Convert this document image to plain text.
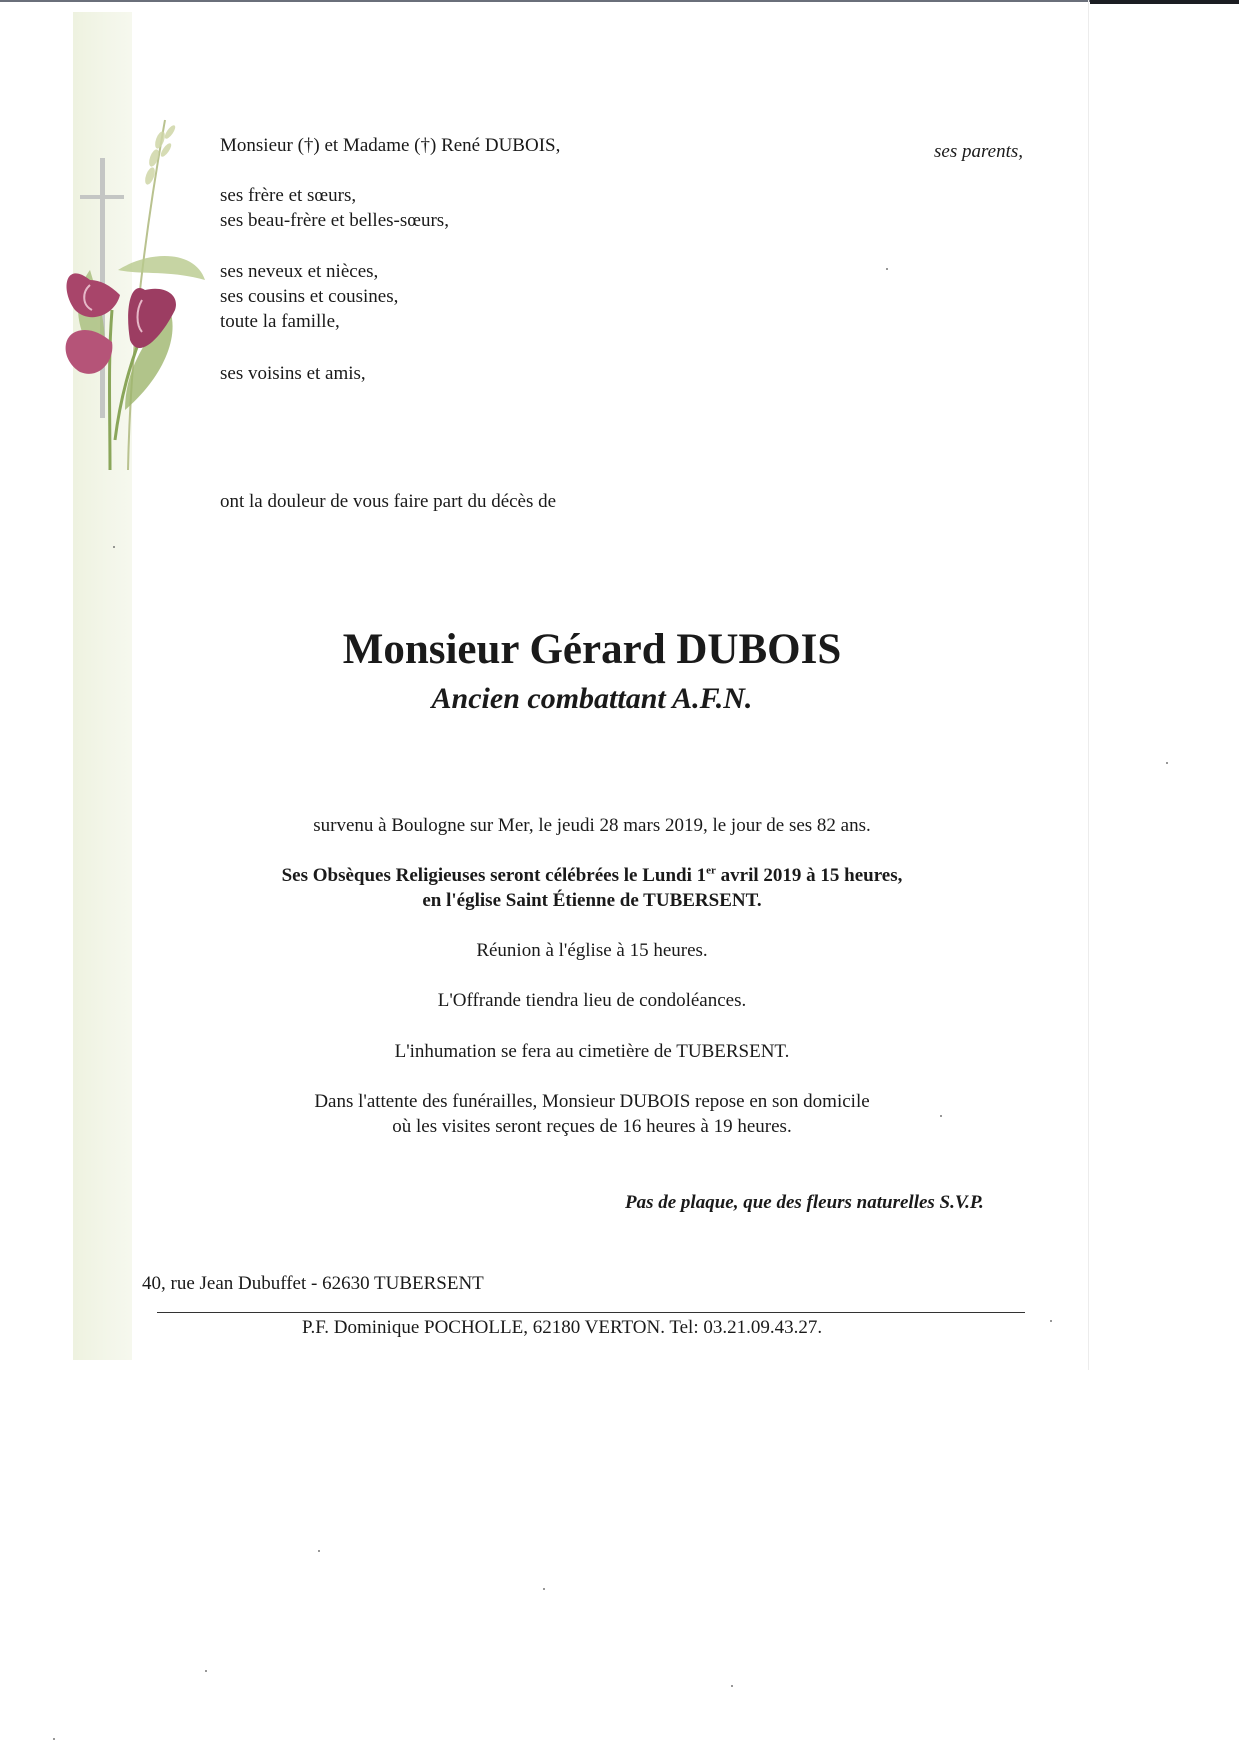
Monsieur (†) et Madame (†) René DUBOIS,	ses parents,
ses frère et sœurs,
ses beau-frère et belles-sœurs,
ses neveux et nièces,
ses cousins et cousines,
toute la famille,
ses voisins et amis,
ont la douleur de vous faire part du décès de
Monsieur Gérard DUBOIS
Ancien combattant A.F.N.
survenu à Boulogne sur Mer, le jeudi 28 mars 2019, le jour de ses 82 ans.
Ses Obsèques Religieuses seront célébrées le Lundi 1er avril 2019 à 15 heures,
en l'église Saint Étienne de TUBERSENT.
Réunion à l'église à 15 heures.
L'Offrande tiendra lieu de condoléances.
L'inhumation se fera au cimetière de TUBERSENT.
Dans l'attente des funérailles, Monsieur DUBOIS repose en son domicile
où les visites seront reçues de 16 heures à 19 heures.
Pas de plaque, que des fleurs naturelles S.V.P.
40, rue Jean Dubuffet - 62630 TUBERSENT
P.F. Dominique POCHOLLE, 62180 VERTON. Tel: 03.21.09.43.27.
